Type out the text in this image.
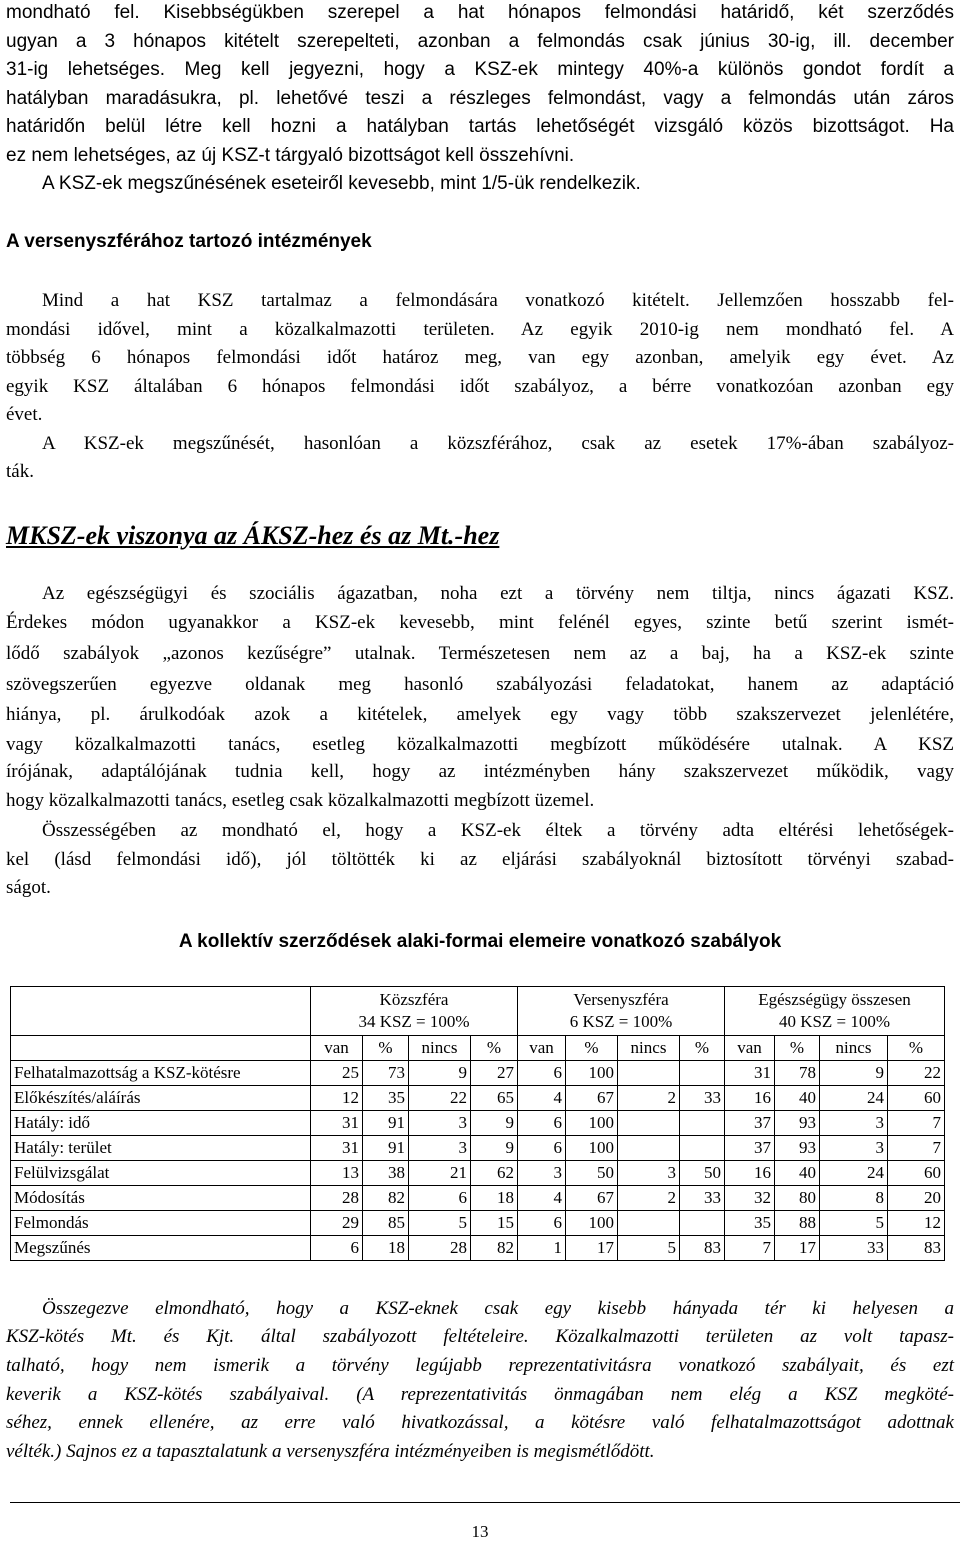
mondható fel. Kisebbségükben szerepel a hat hónapos felmondási határidő, két szerződés
ugyan a 3 hónapos kitételt szerepelteti, azonban a felmondás csak június 30-ig, ill. december
31-ig lehetséges. Meg kell jegyezni, hogy a KSZ-ek mintegy 40%-a különös gondot fordít a
hatályban maradásukra, pl. lehetővé teszi a részleges felmondást, vagy a felmondás után záros
határidőn belül létre kell hozni a hatályban tartás lehetőségét vizsgáló közös bizottságot. Ha
ez nem lehetséges, az új KSZ-t tárgyaló bizottságot kell összehívni.
A KSZ-ek megszűnésének eseteiről kevesebb, mint 1/5-ük rendelkezik.
A versenyszférához tartozó intézmények
Mind a hat KSZ tartalmaz a felmondására vonatkozó kitételt. Jellemzően hosszabb fel-
mondási idővel, mint a közalkalmazotti területen. Az egyik 2010-ig nem mondható fel. A
többség 6 hónapos felmondási időt határoz meg, van egy azonban, amelyik egy évet. Az
egyik KSZ általában 6 hónapos felmondási időt szabályoz, a bérre vonatkozóan azonban egy
évet.
A KSZ-ek megszűnését, hasonlóan a közszférához, csak az esetek 17%-ában szabályoz-
ták.
MKSZ-ek viszonya az ÁKSZ-hez és az Mt.-hez
Az egészségügyi és szociális ágazatban, noha ezt a törvény nem tiltja, nincs ágazati KSZ.
Érdekes módon ugyanakkor a KSZ-ek kevesebb, mint felénél egyes, szinte betű szerint ismét-
lődő szabályok „azonos kezűségre” utalnak. Természetesen nem az a baj, ha a KSZ-ek szinte
szövegszerűen egyezve oldanak meg hasonló szabályozási feladatokat, hanem az adaptáció
hiánya, pl. árulkodóak azok a kitételek, amelyek egy vagy több szakszervezet jelenlétére,
vagy közalkalmazotti tanács, esetleg közalkalmazotti megbízott működésére utalnak. A KSZ
írójának, adaptálójának tudnia kell, hogy az intézményben hány szakszervezet működik, vagy
hogy közalkalmazotti tanács, esetleg csak közalkalmazotti megbízott üzemel.
Összességében az mondható el, hogy a KSZ-ek éltek a törvény adta eltérési lehetőségek-
kel (lásd felmondási idő), jól töltötték ki az eljárási szabályoknál biztosított törvényi szabad-
ságot.
A kollektív szerződések alaki-formai elemeire vonatkozó szabályok
	Közszféra
34 KSZ = 100%				Versenyszféra
6 KSZ = 100%				Egészségügy összesen
40 KSZ = 100%			
	van	%	nincs	%	van	%	nincs	%	van	%	nincs	%
Felhatalmazottság a KSZ-kötésre	25	73	9	27	6	100			31	78	9	22
Előkészítés/aláírás	12	35	22	65	4	67	2	33	16	40	24	60
Hatály: idő	31	91	3	9	6	100			37	93	3	7
Hatály: terület	31	91	3	9	6	100			37	93	3	7
Felülvizsgálat	13	38	21	62	3	50	3	50	16	40	24	60
Módosítás	28	82	6	18	4	67	2	33	32	80	8	20
Felmondás	29	85	5	15	6	100			35	88	5	12
Megszűnés	6	18	28	82	1	17	5	83	7	17	33	83
Összegezve elmondható, hogy a KSZ-eknek csak egy kisebb hányada tér ki helyesen a
KSZ-kötés Mt. és Kjt. által szabályozott feltételeire. Közalkalmazotti területen az volt tapasz-
talható, hogy nem ismerik a törvény legújabb reprezentativitásra vonatkozó szabályait, és ezt
keverik a KSZ-kötés szabályaival. (A reprezentativitás önmagában nem elég a KSZ megköté-
séhez, ennek ellenére, az erre való hivatkozással, a kötésre való felhatalmazottságot adottnak
vélték.) Sajnos ez a tapasztalatunk a versenyszféra intézményeiben is megismétlődött.
13
